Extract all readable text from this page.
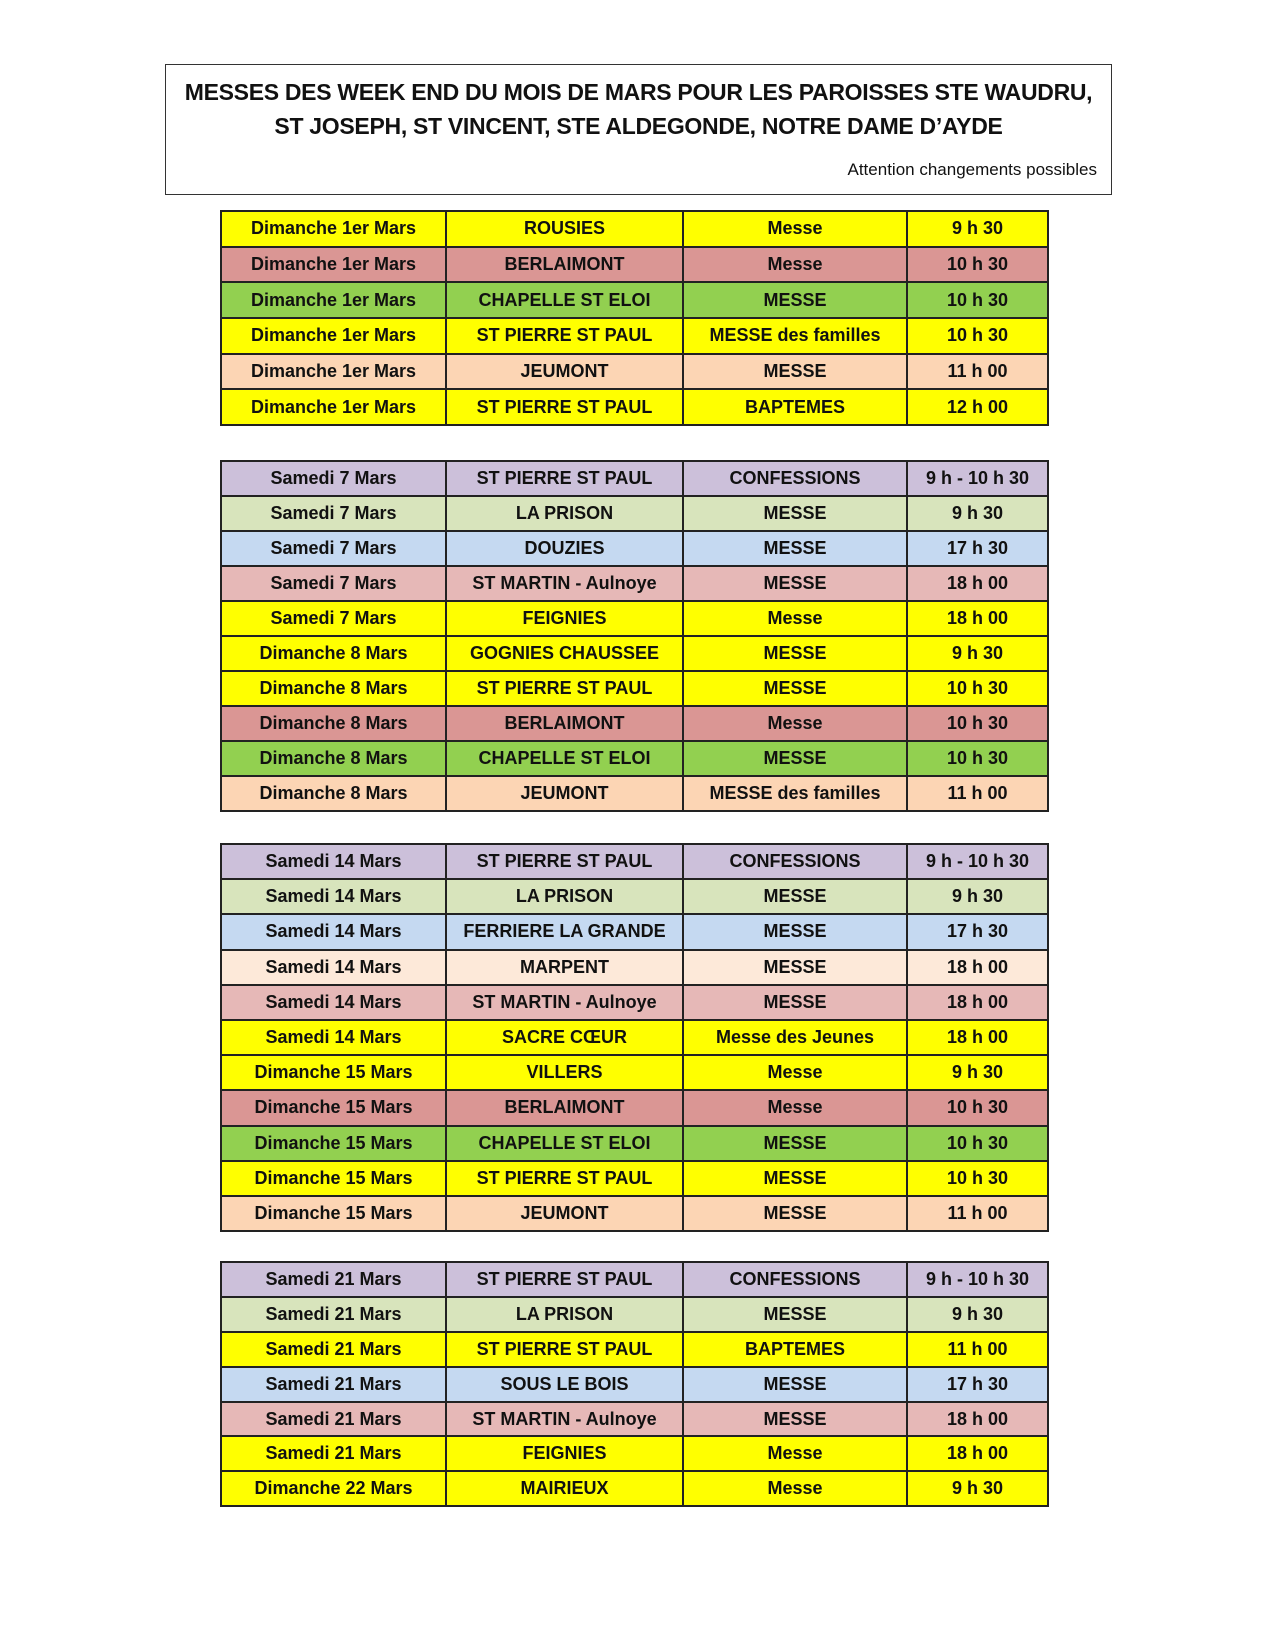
MESSES DES WEEK END DU MOIS DE MARS POUR LES PAROISSES STE WAUDRU,
ST JOSEPH, ST VINCENT, STE ALDEGONDE, NOTRE DAME D’AYDE
Attention changements possibles
Dimanche 1er Mars	ROUSIES	Messe	9 h 30
Dimanche 1er Mars	BERLAIMONT	Messe	10 h 30
Dimanche 1er Mars	CHAPELLE ST ELOI	MESSE	10 h 30
Dimanche 1er Mars	ST PIERRE ST PAUL	MESSE des familles	10 h 30
Dimanche 1er Mars	JEUMONT	MESSE	11 h 00
Dimanche 1er Mars	ST PIERRE ST PAUL	BAPTEMES	12 h 00
Samedi 7 Mars	ST PIERRE ST PAUL	CONFESSIONS	9 h - 10 h 30
Samedi 7 Mars	LA PRISON	MESSE	9 h 30
Samedi 7 Mars	DOUZIES	MESSE	17 h 30
Samedi 7 Mars	ST MARTIN - Aulnoye	MESSE	18 h 00
Samedi 7 Mars	FEIGNIES	Messe	18 h 00
Dimanche 8 Mars	GOGNIES CHAUSSEE	MESSE	9 h 30
Dimanche 8 Mars	ST PIERRE ST PAUL	MESSE	10 h 30
Dimanche 8 Mars	BERLAIMONT	Messe	10 h 30
Dimanche 8 Mars	CHAPELLE ST ELOI	MESSE	10 h 30
Dimanche 8 Mars	JEUMONT	MESSE des familles	11 h 00
Samedi 14 Mars	ST PIERRE ST PAUL	CONFESSIONS	9 h - 10 h 30
Samedi 14 Mars	LA PRISON	MESSE	9 h 30
Samedi 14 Mars	FERRIERE LA GRANDE	MESSE	17 h 30
Samedi 14 Mars	MARPENT	MESSE	18 h 00
Samedi 14 Mars	ST MARTIN - Aulnoye	MESSE	18 h 00
Samedi 14 Mars	SACRE CŒUR	Messe des Jeunes	18 h 00
Dimanche 15 Mars	VILLERS	Messe	9 h 30
Dimanche 15 Mars	BERLAIMONT	Messe	10 h 30
Dimanche 15 Mars	CHAPELLE ST ELOI	MESSE	10 h 30
Dimanche 15 Mars	ST PIERRE ST PAUL	MESSE	10 h 30
Dimanche 15 Mars	JEUMONT	MESSE	11 h 00
Samedi 21 Mars	ST PIERRE ST PAUL	CONFESSIONS	9 h - 10 h 30
Samedi 21 Mars	LA PRISON	MESSE	9 h 30
Samedi 21 Mars	ST PIERRE ST PAUL	BAPTEMES	11 h 00
Samedi 21 Mars	SOUS LE BOIS	MESSE	17 h 30
Samedi 21 Mars	ST MARTIN - Aulnoye	MESSE	18 h 00
Samedi 21 Mars	FEIGNIES	Messe	18 h 00
Dimanche 22 Mars	MAIRIEUX	Messe	9 h 30
